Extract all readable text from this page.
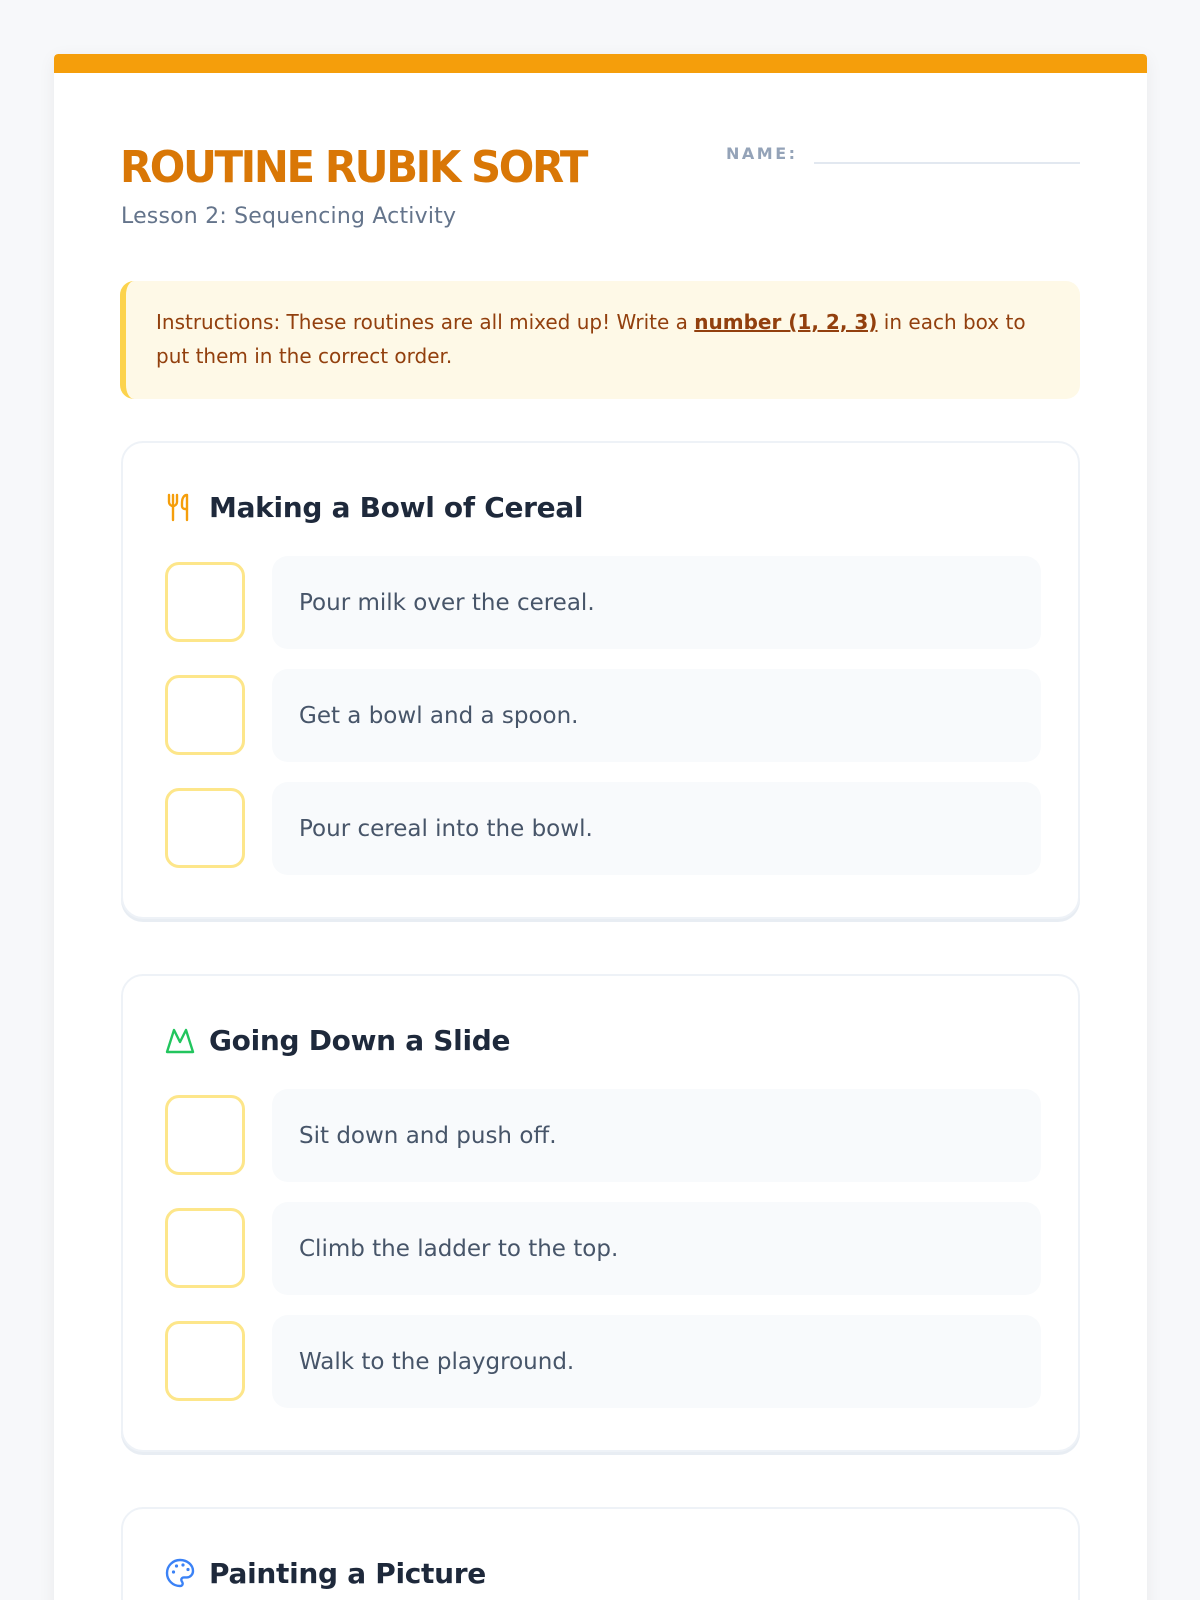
ROUTINE RUBIK SORT
Lesson 2: Sequencing Activity
NAME:
Instructions: These routines are all mixed up! Write a number (1, 2, 3) in each box to put them in the correct order.
Making a Bowl of Cereal
Pour milk over the cereal.
Get a bowl and a spoon.
Pour cereal into the bowl.
Going Down a Slide
Sit down and push off.
Climb the ladder to the top.
Walk to the playground.
Painting a Picture
